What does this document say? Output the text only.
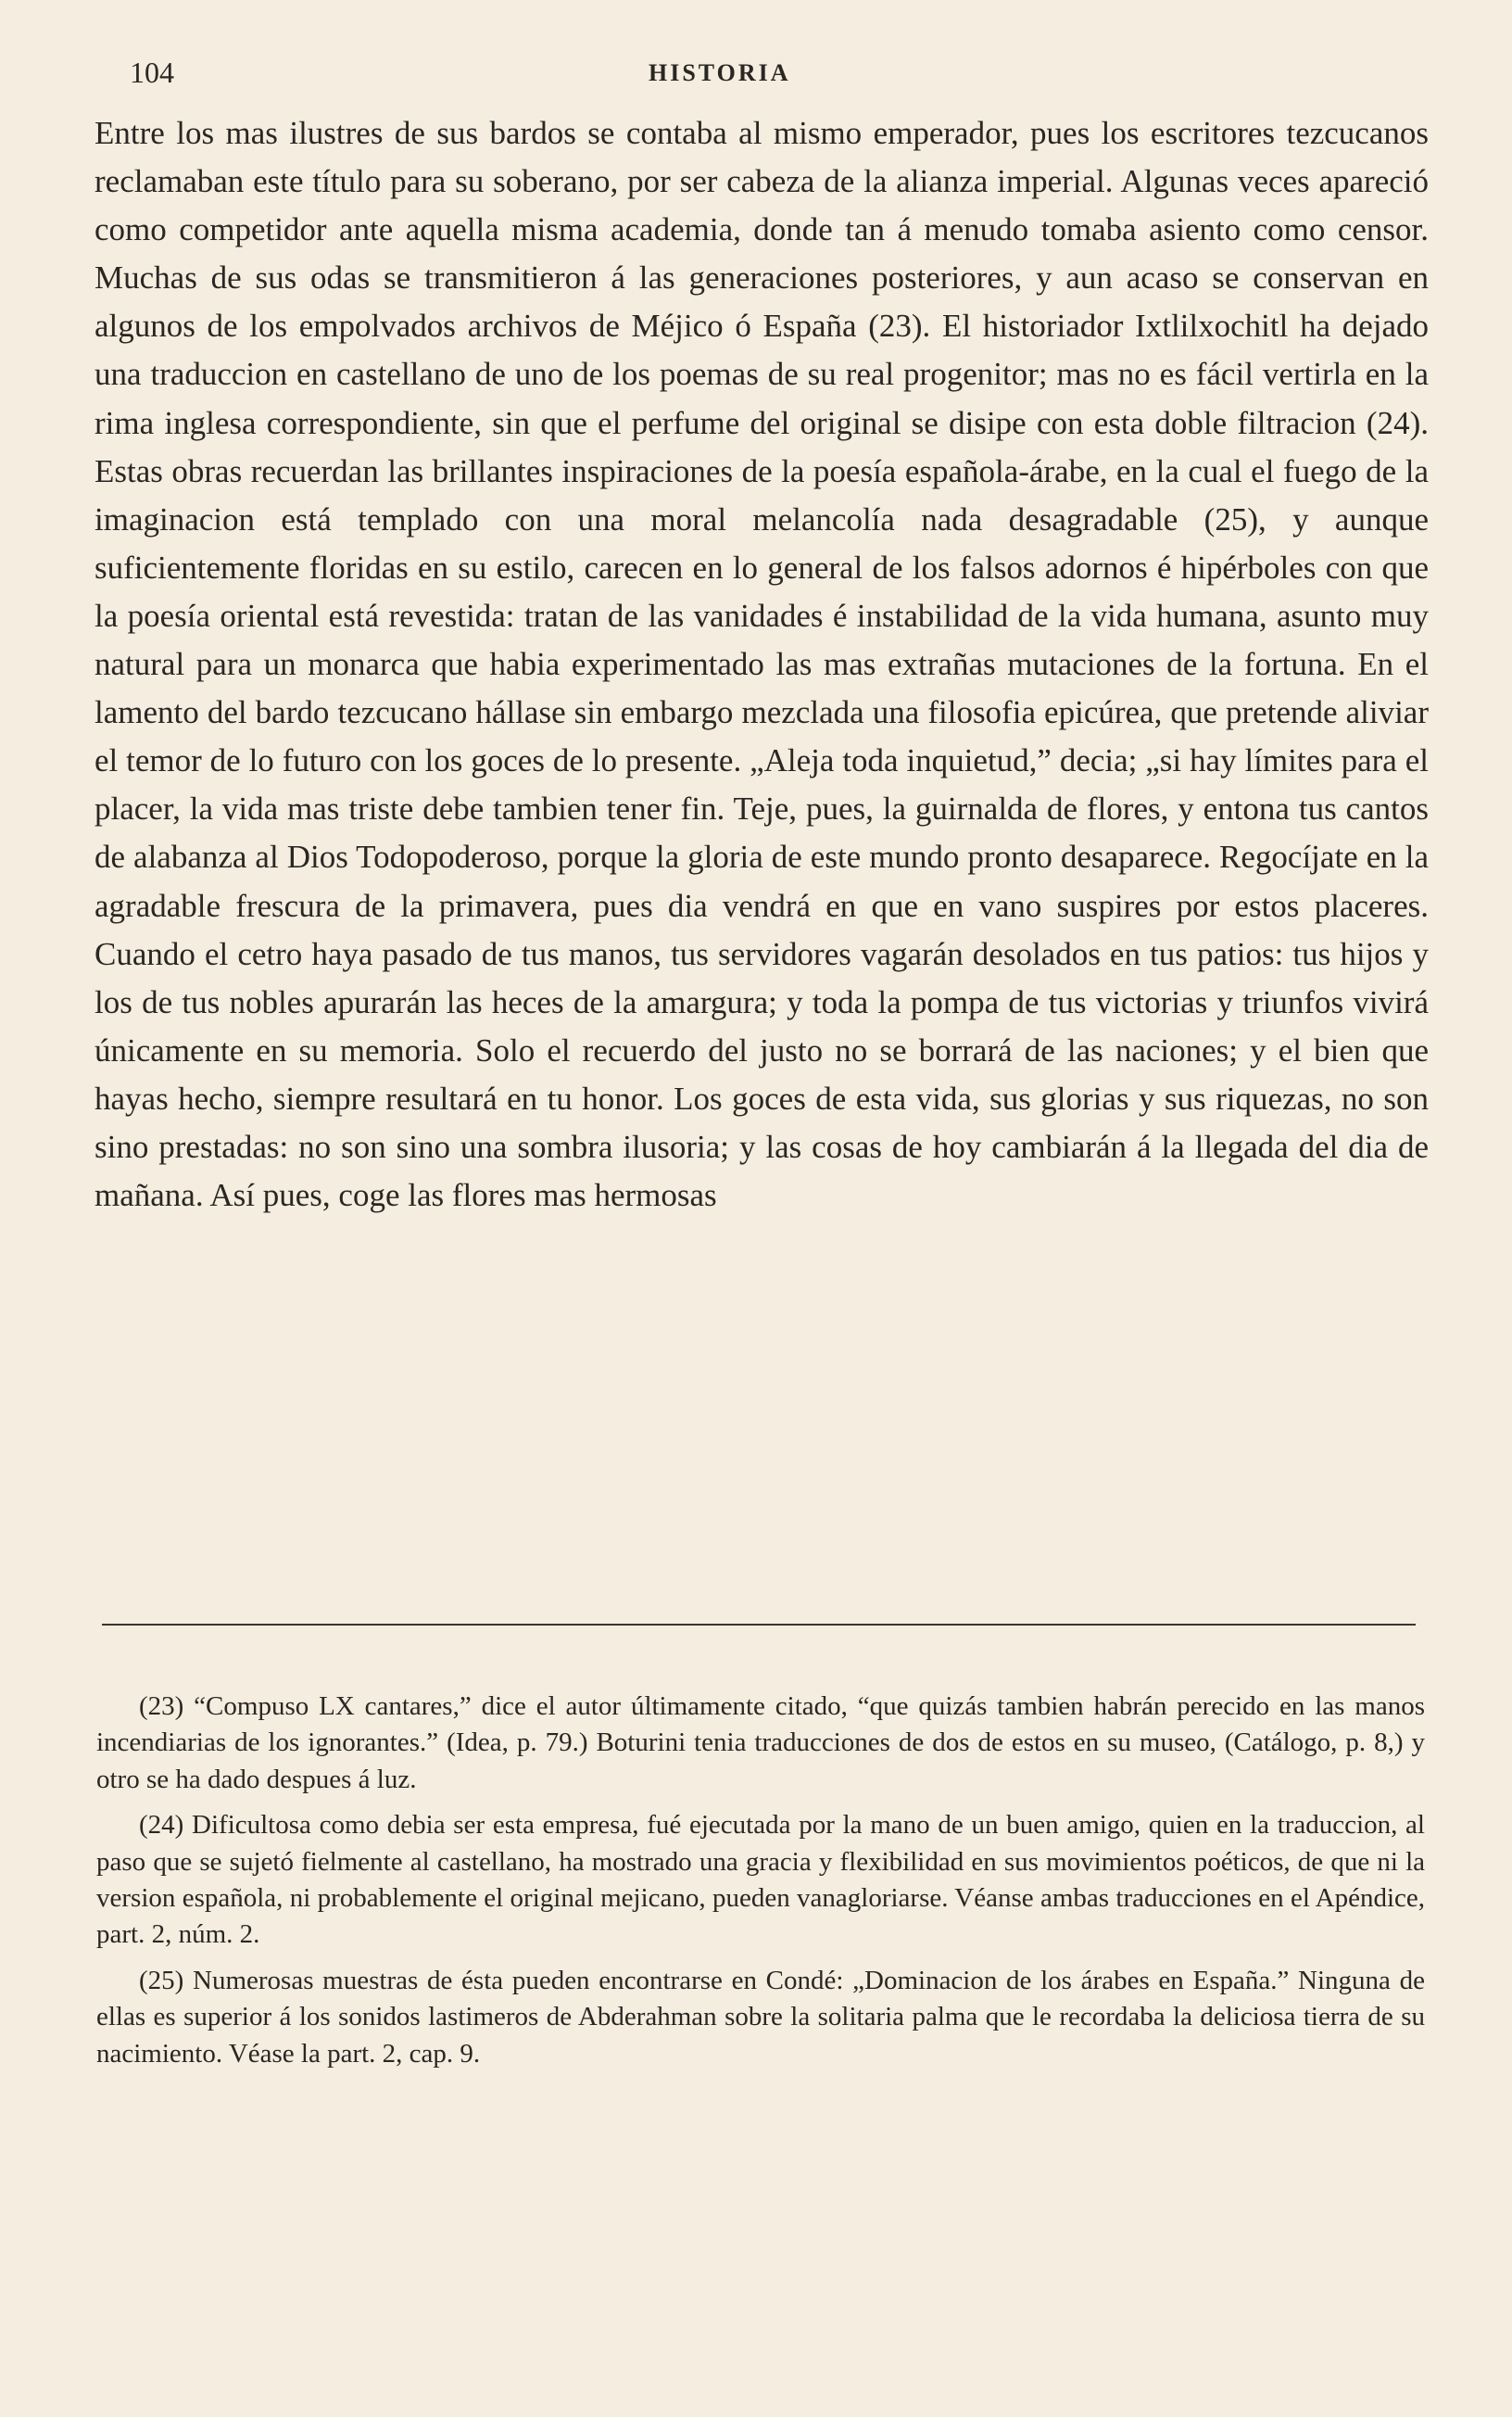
104	HISTORIA

Entre los mas ilustres de sus bardos se contaba al mismo emperador, pues los escritores tezcucanos reclamaban este título para su soberano, por ser cabeza de la alianza imperial. Algunas veces apareció como competidor ante aquella misma academia, donde tan á menudo tomaba asiento como censor. Muchas de sus odas se transmitieron á las generaciones posteriores, y aun acaso se conservan en algunos de los empolvados archivos de Méjico ó España (23). El historiador Ixtlilxochitl ha dejado una traduccion en castellano de uno de los poemas de su real progenitor; mas no es fácil vertirla en la rima inglesa correspondiente, sin que el perfume del original se disipe con esta doble filtracion (24). Estas obras recuerdan las brillantes inspiraciones de la poesía española-árabe, en la cual el fuego de la imaginacion está templado con una moral melancolía nada desagradable (25), y aunque suficientemente floridas en su estilo, carecen en lo general de los falsos adornos é hipérboles con que la poesía oriental está revestida: tratan de las vanidades é instabilidad de la vida humana, asunto muy natural para un monarca que habia experimentado las mas extrañas mutaciones de la fortuna. En el lamento del bardo tezcucano hállase sin embargo mezclada una filosofia epicúrea, que pretende aliviar el temor de lo futuro con los goces de lo presente. „Aleja toda inquietud,” decia; „si hay límites para el placer, la vida mas triste debe tambien tener fin. Teje, pues, la guirnalda de flores, y entona tus cantos de alabanza al Dios Todopoderoso, porque la gloria de este mundo pronto desaparece. Regocíjate en la agradable frescura de la primavera, pues dia vendrá en que en vano suspires por estos placeres. Cuando el cetro haya pasado de tus manos, tus servidores vagarán desolados en tus patios: tus hijos y los de tus nobles apurarán las heces de la amargura; y toda la pompa de tus victorias y triunfos vivirá únicamente en su memoria. Solo el recuerdo del justo no se borrará de las naciones; y el bien que hayas hecho, siempre resultará en tu honor. Los goces de esta vida, sus glorias y sus riquezas, no son sino prestadas: no son sino una sombra ilusoria; y las cosas de hoy cambiarán á la llegada del dia de mañana. Así pues, coge las flores mas hermosas

(23) “Compuso LX cantares,” dice el autor últimamente citado, “que quizás tambien habrán perecido en las manos incendiarias de los ignorantes.” (Idea, p. 79.) Boturini tenia traducciones de dos de estos en su museo, (Catálogo, p. 8,) y otro se ha dado despues á luz.

(24) Dificultosa como debia ser esta empresa, fué ejecutada por la mano de un buen amigo, quien en la traduccion, al paso que se sujetó fielmente al castellano, ha mostrado una gracia y flexibilidad en sus movimientos poéticos, de que ni la version española, ni probablemente el original mejicano, pueden vanagloriarse. Véanse ambas traducciones en el Apéndice, part. 2, núm. 2.

(25) Numerosas muestras de ésta pueden encontrarse en Condé: „Dominacion de los árabes en España.” Ninguna de ellas es superior á los sonidos lastimeros de Abderahman sobre la solitaria palma que le recordaba la deliciosa tierra de su nacimiento. Véase la part. 2, cap. 9.
